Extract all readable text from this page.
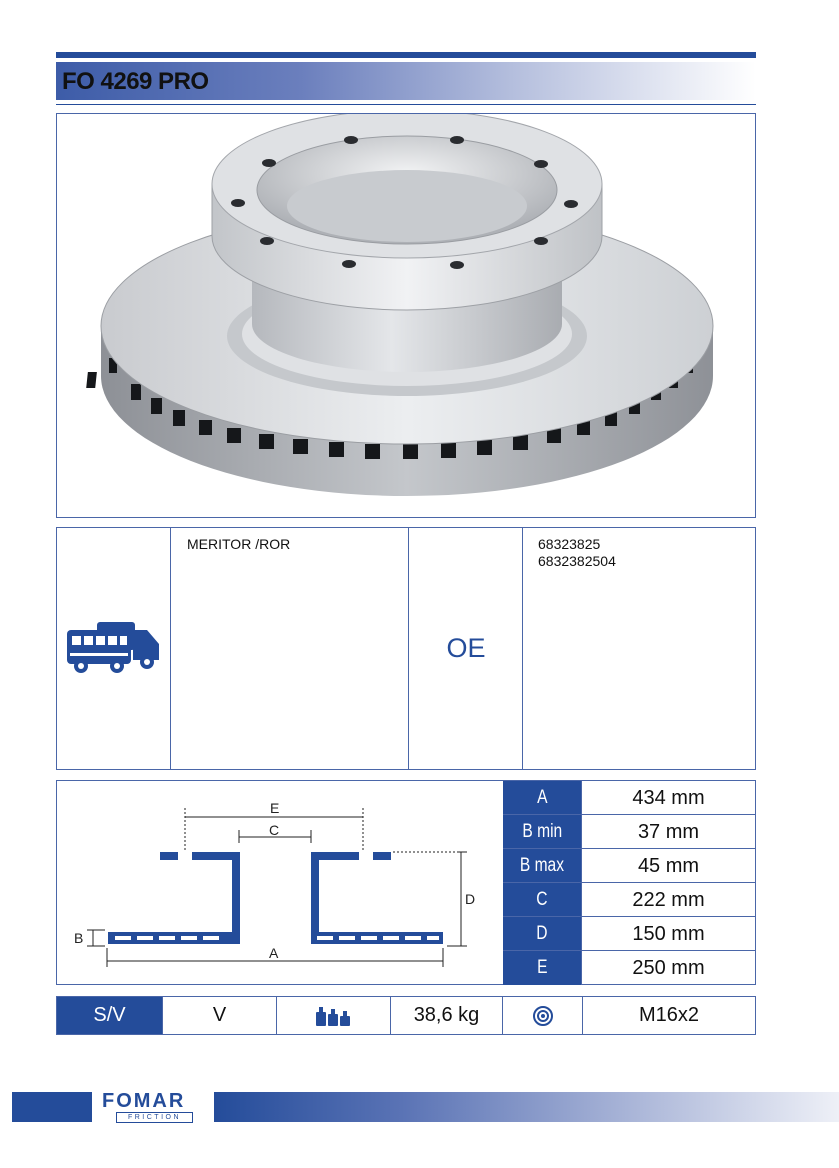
FO 4269 PRO
MERITOR /ROR
OE
68323825
6832382504
E
C
D
B
A
A	434 mm
B min	37 mm
B max	45 mm
C	222 mm
D	150 mm
E	250 mm
S/V	V	38,6 kg	M16x2
FOMAR
FRICTION
